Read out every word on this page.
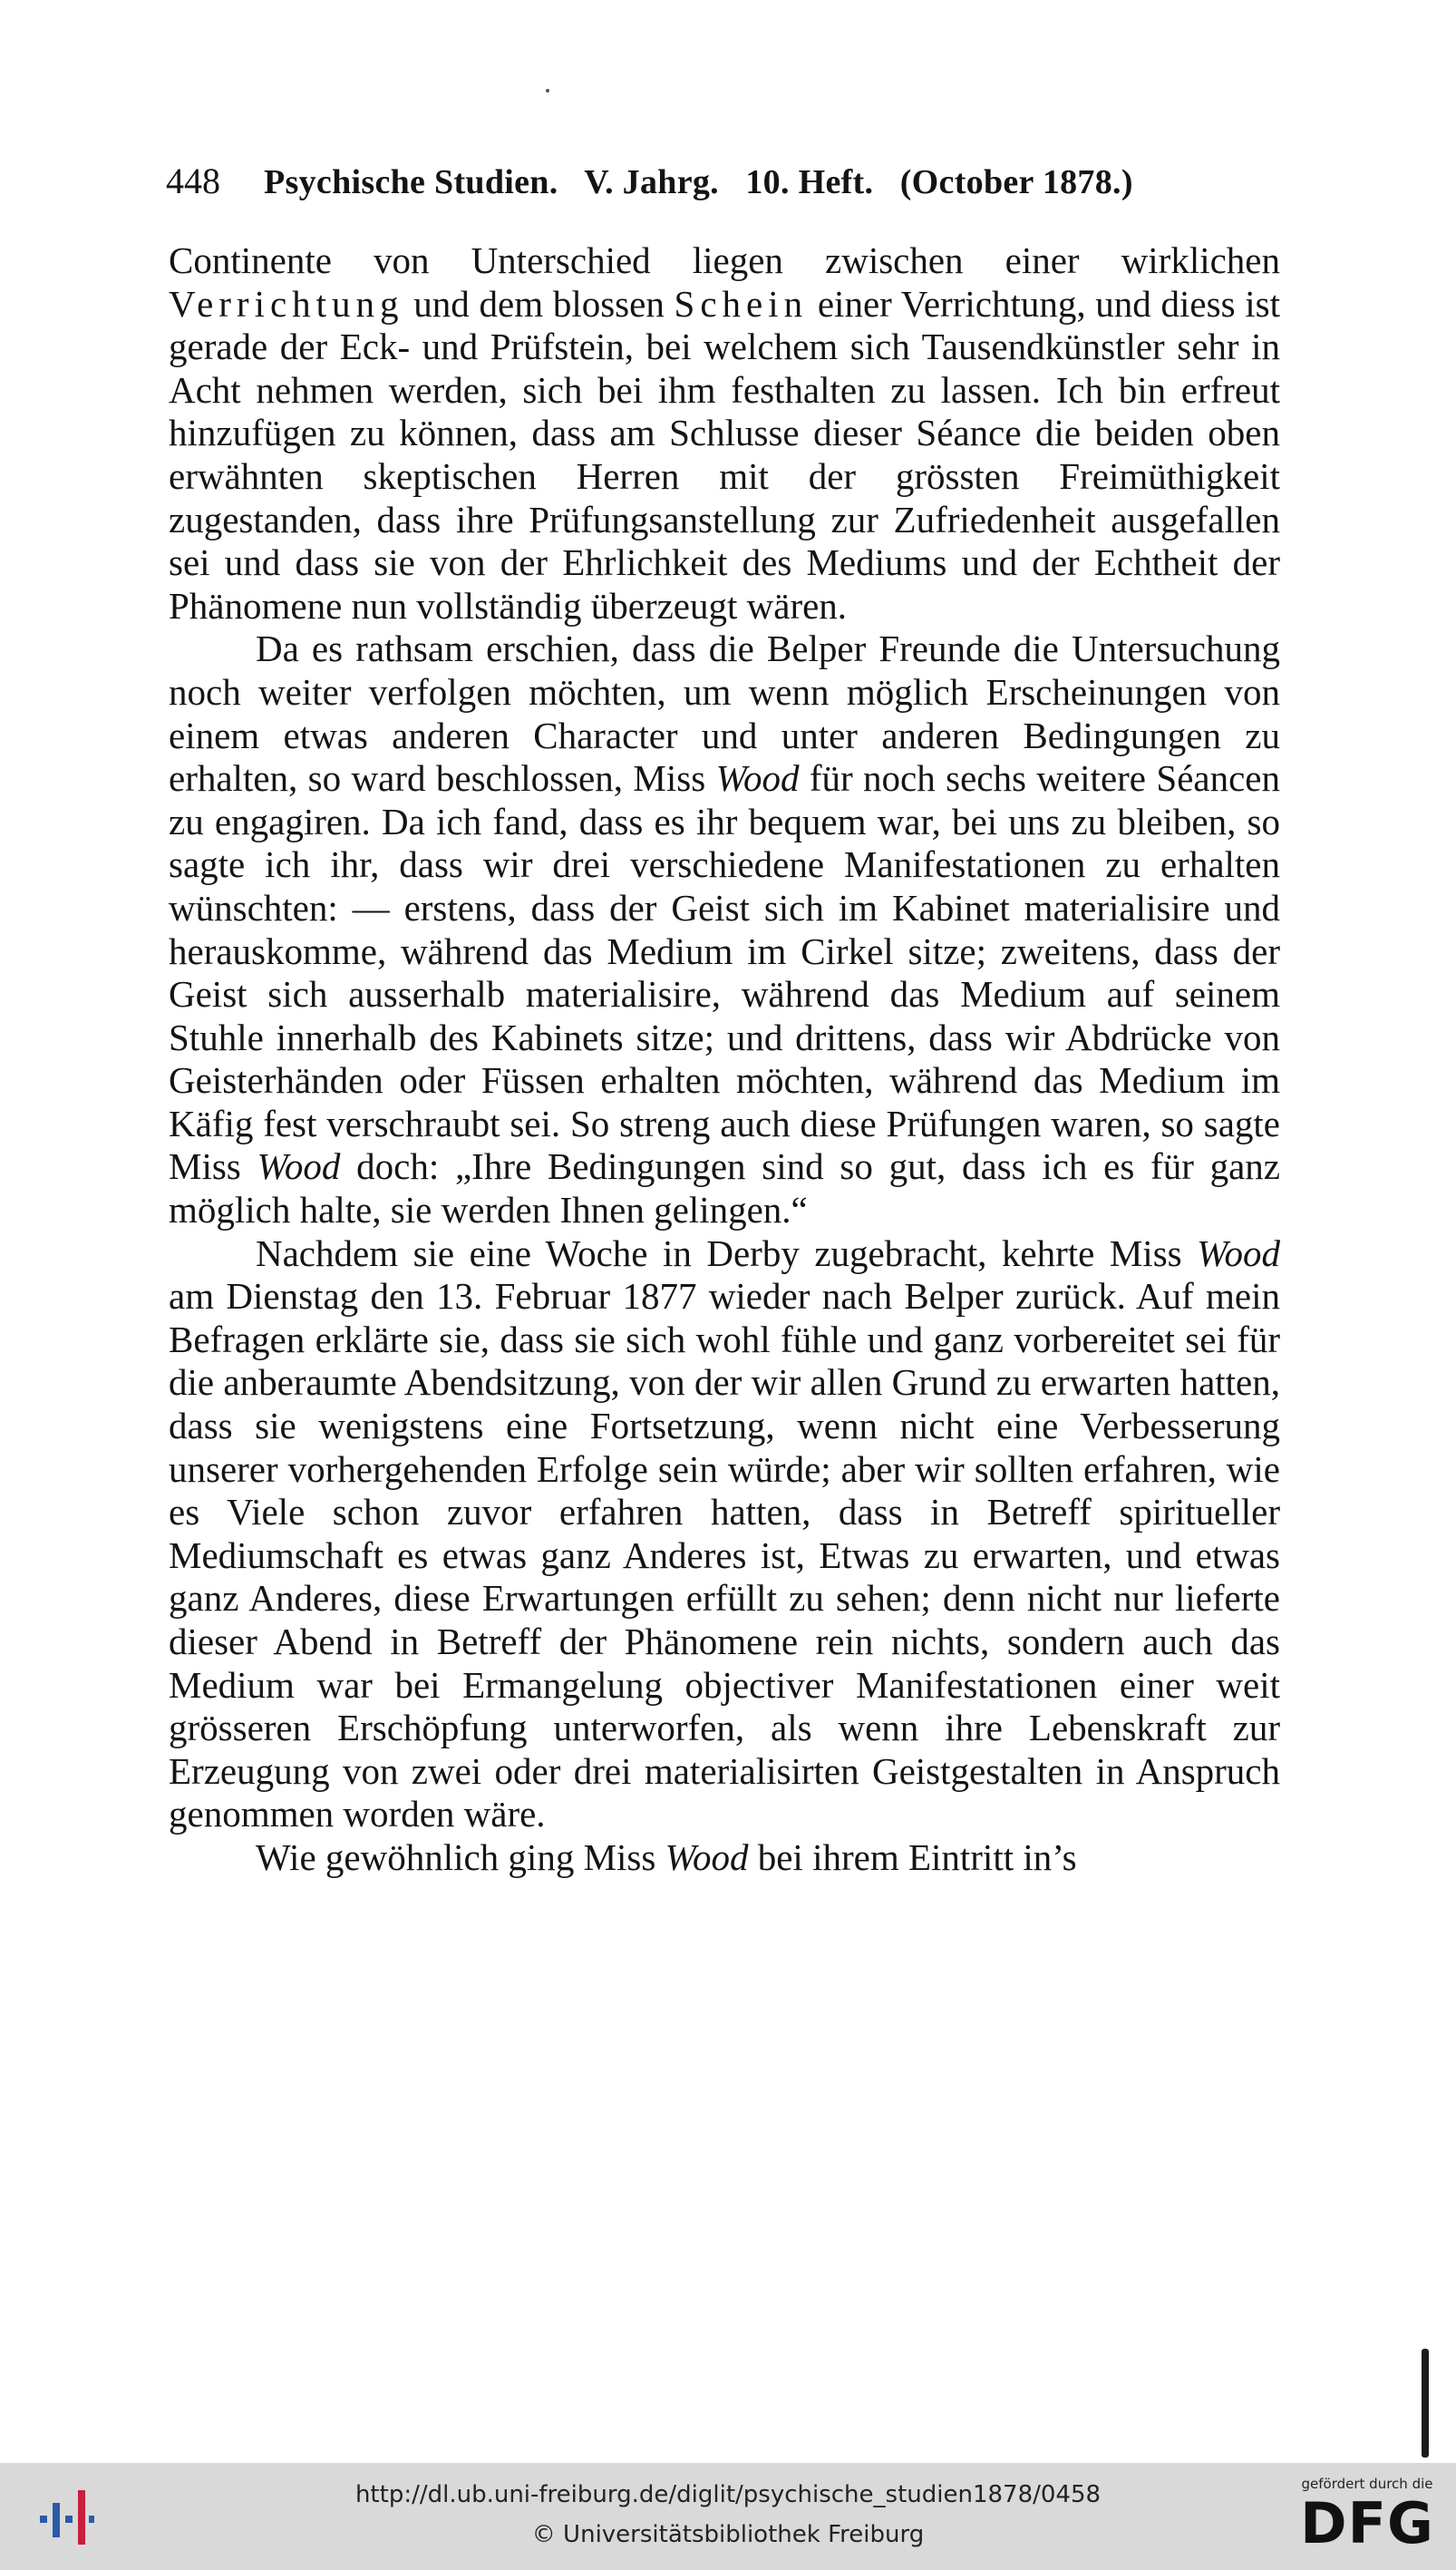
448 Psychische Studien.   V. Jahrg.   10. Heft.   (October 1878.)

Continente von Unterschied liegen zwischen einer wirklichen Verrichtung und dem blossen Schein einer Verrichtung, und diess ist gerade der Eck- und Prüfstein, bei welchem sich Tausendkünstler sehr in Acht nehmen werden, sich bei ihm festhalten zu lassen. Ich bin erfreut hinzufügen zu können, dass am Schlusse dieser Séance die beiden oben erwähnten skeptischen Herren mit der grössten Freimüthigkeit zugestanden, dass ihre Prüfungsanstellung zur Zufriedenheit ausgefallen sei und dass sie von der Ehrlichkeit des Mediums und der Echtheit der Phänomene nun vollständig überzeugt wären.

Da es rathsam erschien, dass die Belper Freunde die Untersuchung noch weiter verfolgen möchten, um wenn möglich Erscheinungen von einem etwas anderen Character und unter anderen Bedingungen zu erhalten, so ward beschlossen, Miss Wood für noch sechs weitere Séancen zu engagiren. Da ich fand, dass es ihr bequem war, bei uns zu bleiben, so sagte ich ihr, dass wir drei verschiedene Manifestationen zu erhalten wünschten: — erstens, dass der Geist sich im Kabinet materialisire und herauskomme, während das Medium im Cirkel sitze; zweitens, dass der Geist sich ausserhalb materialisire, während das Medium auf seinem Stuhle innerhalb des Kabinets sitze; und drittens, dass wir Abdrücke von Geisterhänden oder Füssen erhalten möchten, während das Medium im Käfig fest verschraubt sei. So streng auch diese Prüfungen waren, so sagte Miss Wood doch: „Ihre Bedingungen sind so gut, dass ich es für ganz möglich halte, sie werden Ihnen gelingen.“

Nachdem sie eine Woche in Derby zugebracht, kehrte Miss Wood am Dienstag den 13. Februar 1877 wieder nach Belper zurück. Auf mein Befragen erklärte sie, dass sie sich wohl fühle und ganz vorbereitet sei für die anberaumte Abendsitzung, von der wir allen Grund zu erwarten hatten, dass sie wenigstens eine Fortsetzung, wenn nicht eine Verbesserung unserer vorhergehenden Erfolge sein würde; aber wir sollten erfahren, wie es Viele schon zuvor erfahren hatten, dass in Betreff spiritueller Mediumschaft es etwas ganz Anderes ist, Etwas zu erwarten, und etwas ganz Anderes, diese Erwartungen erfüllt zu sehen; denn nicht nur lieferte dieser Abend in Betreff der Phänomene rein nichts, sondern auch das Medium war bei Ermangelung objectiver Manifestationen einer weit grösseren Erschöpfung unterworfen, als wenn ihre Lebenskraft zur Erzeugung von zwei oder drei materialisirten Geistgestalten in Anspruch genommen worden wäre.

Wie gewöhnlich ging Miss Wood bei ihrem Eintritt in’s

http://dl.ub.uni-freiburg.de/diglit/psychische_studien1878/0458
© Universitätsbibliothek Freiburg
gefördert durch die
DFG
